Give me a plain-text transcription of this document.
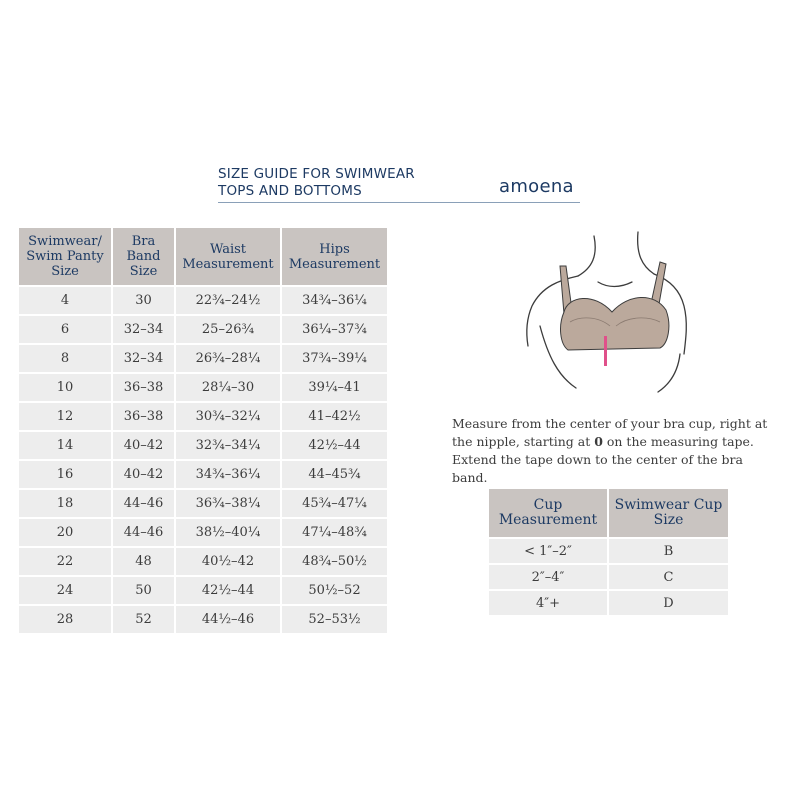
SIZE GUIDE FOR SWIMWEAR
TOPS AND BOTTOMS	amoena
Swimwear/ Swim Panty Size	Bra Band Size	Waist Measurement	Hips Measurement
4	30	22¾–24½	34¾–36¼
6	32–34	25–26¾	36¼–37¾
8	32–34	26¾–28¼	37¾–39¼
10	36–38	28¼–30	39¼–41
12	36–38	30¾–32¼	41–42½
14	40–42	32¾–34¼	42½–44
16	40–42	34¾–36¼	44–45¾
18	44–46	36¾–38¼	45¾–47¼
20	44–46	38½–40¼	47¼–48¾
22	48	40½–42	48¾–50½
24	50	42½–44	50½–52
28	52	44½–46	52–53½
Measure from the center of your bra cup, right at the nipple, starting at 0 on the measuring tape. Extend the tape down to the center of the bra band.
Cup Measurement	Swimwear Cup Size
< 1″–2″	B
2″–4″	C
4″+	D
